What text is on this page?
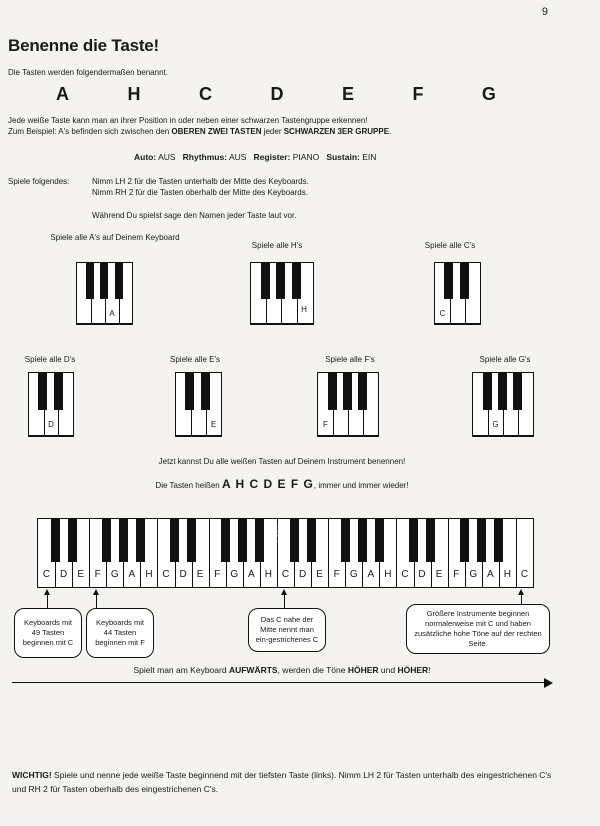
9
Benenne die Taste!
Die Tasten werden folgendermaßen benannt.
A	H	C	D	E	F	G
Jede weiße Taste kann man an ihrer Position in oder neben einer schwarzen Tastengruppe erkennen!
Zum Beispiel: A's befinden sich zwischen den OBEREN ZWEI TASTEN jeder SCHWARZEN 3ER GRUPPE.
Auto: AUS Rhythmus: AUS Register: PIANO Sustain: EIN
Spiele folgendes:	Nimm LH 2 für die Tasten unterhalb der Mitte des Keyboards.
Nimm RH 2 für die Tasten oberhalb der Mitte des Keyboards.
Während Du spielst sage den Namen jeder Taste laut vor.
Spiele alle A's auf Deinem Keyboard
A
Spiele alle H's
H
Spiele alle C's
C
Spiele alle D's
D
Spiele alle E's
E
Spiele alle F's
F
Spiele alle G's
G
Jetzt kannst Du alle weißen Tasten auf Deinem Instrument benennen!
Die Tasten heißen A H C D E F G, immer und immer wieder!
C D	E	F	G A	H C D	E	F	G A	H C D	E	F	G A	H C D	E	F	G A	H C
MIDDLE
Keyboards mit 49 Tasten beginnen mit C
Keyboards mit 44 Tasten beginnen mit F
Das C nahe der Mitte nennt man ein-gestrichenes C
Größere Instrumente beginnen normalerweise mit C und haben zusätzliche hohe Töne auf der rechten Seite.
Spielt man am Keyboard AUFWÄRTS, werden die Töne HÖHER und HÖHER!
WICHTIG! Spiele und nenne jede weiße Taste beginnend mit der tiefsten Taste (links). Nimm LH 2 für Tasten unterhalb des eingestrichenen C's und RH 2 für Tasten oberhalb des eingestrichenen C's.
